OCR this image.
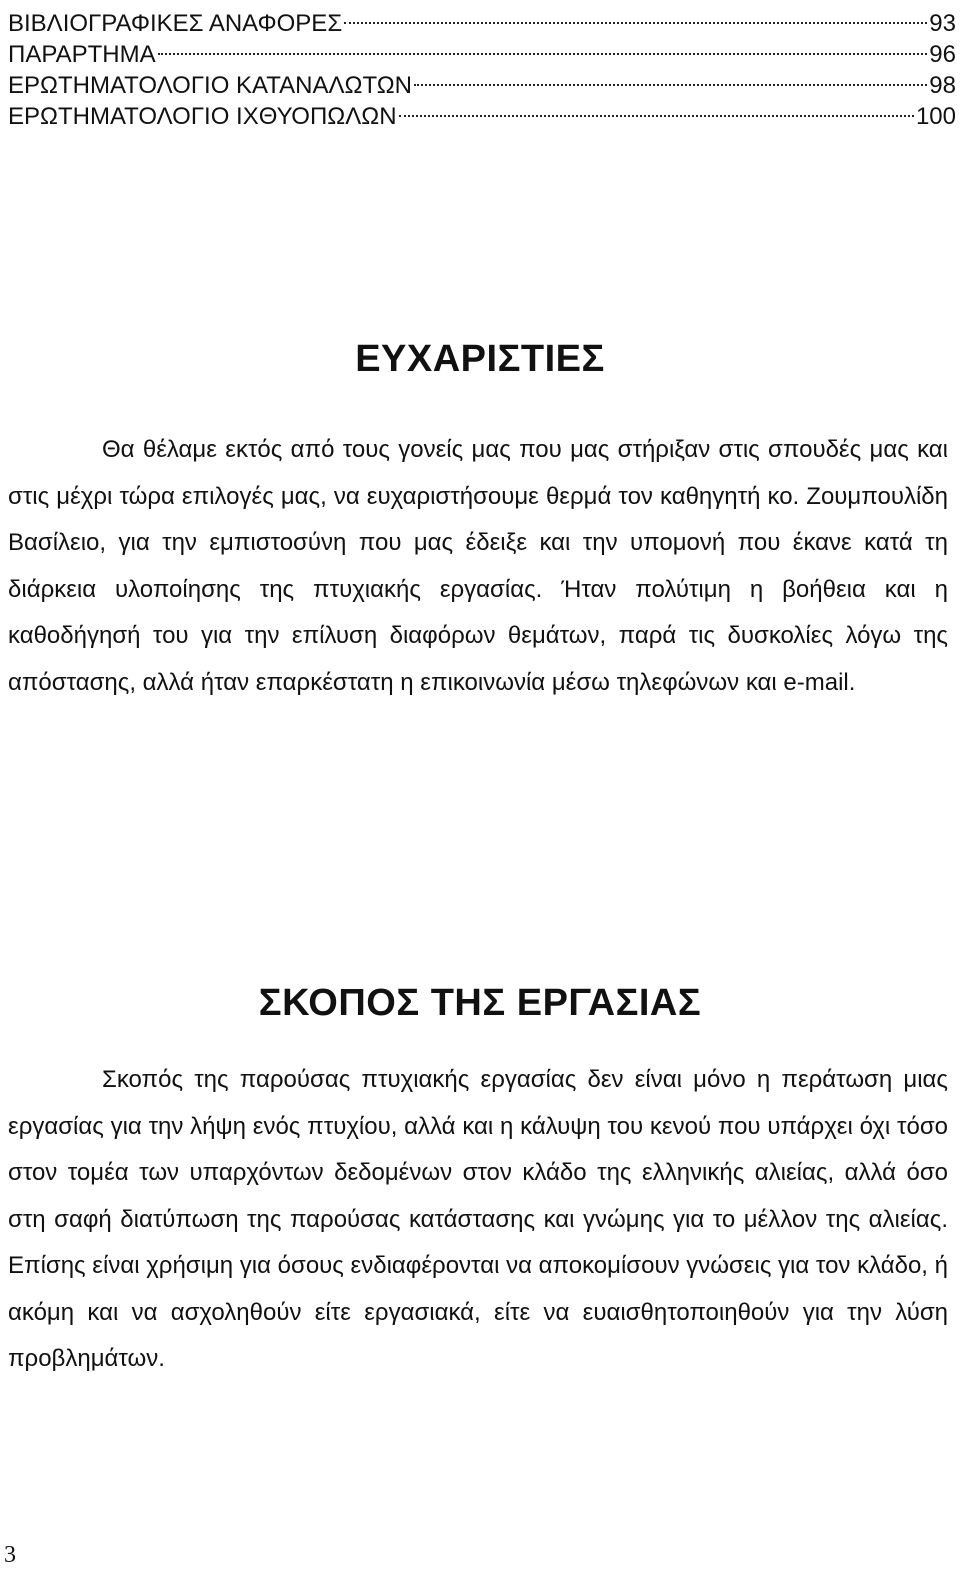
ΒΙΒΛΙΟΓΡΑΦΙΚΕΣ ΑΝΑΦΟΡΕΣ	93
ΠΑΡΑΡΤΗΜΑ	96
ΕΡΩΤΗΜΑΤΟΛΟΓΙΟ ΚΑΤΑΝΑΛΩΤΩΝ	98
ΕΡΩΤΗΜΑΤΟΛΟΓΙΟ ΙΧΘΥΟΠΩΛΩΝ	100
ΕΥΧΑΡΙΣΤΙΕΣ

Θα θέλαμε εκτός από τους γονείς μας που μας στήριξαν στις σπουδές μας και στις μέχρι τώρα επιλογές μας, να ευχαριστήσουμε θερμά τον καθηγητή κο. Ζουμπουλίδη Βασίλειο, για την εμπιστοσύνη που μας έδειξε και την υπομονή που έκανε κατά τη διάρκεια υλοποίησης της πτυχιακής εργασίας. Ήταν πολύτιμη η βοήθεια και η καθοδήγησή του για την επίλυση διαφόρων θεμάτων, παρά τις δυσκολίες λόγω της απόστασης, αλλά ήταν επαρκέστατη η επικοινωνία μέσω τηλεφώνων και e-mail.

ΣΚΟΠΟΣ ΤΗΣ ΕΡΓΑΣΙΑΣ

Σκοπός της παρούσας πτυχιακής εργασίας δεν είναι μόνο η περάτωση μιας εργασίας για την λήψη ενός πτυχίου, αλλά και η κάλυψη του κενού που υπάρχει όχι τόσο στον τομέα των υπαρχόντων δεδομένων στον κλάδο της ελληνικής αλιείας, αλλά όσο στη σαφή διατύπωση της παρούσας κατάστασης και γνώμης για το μέλλον της αλιείας. Επίσης είναι χρήσιμη για όσους ενδιαφέρονται να αποκομίσουν γνώσεις για τον κλάδο, ή ακόμη και να ασχοληθούν είτε εργασιακά, είτε να ευαισθητοποιηθούν για την λύση προβλημάτων.

3
